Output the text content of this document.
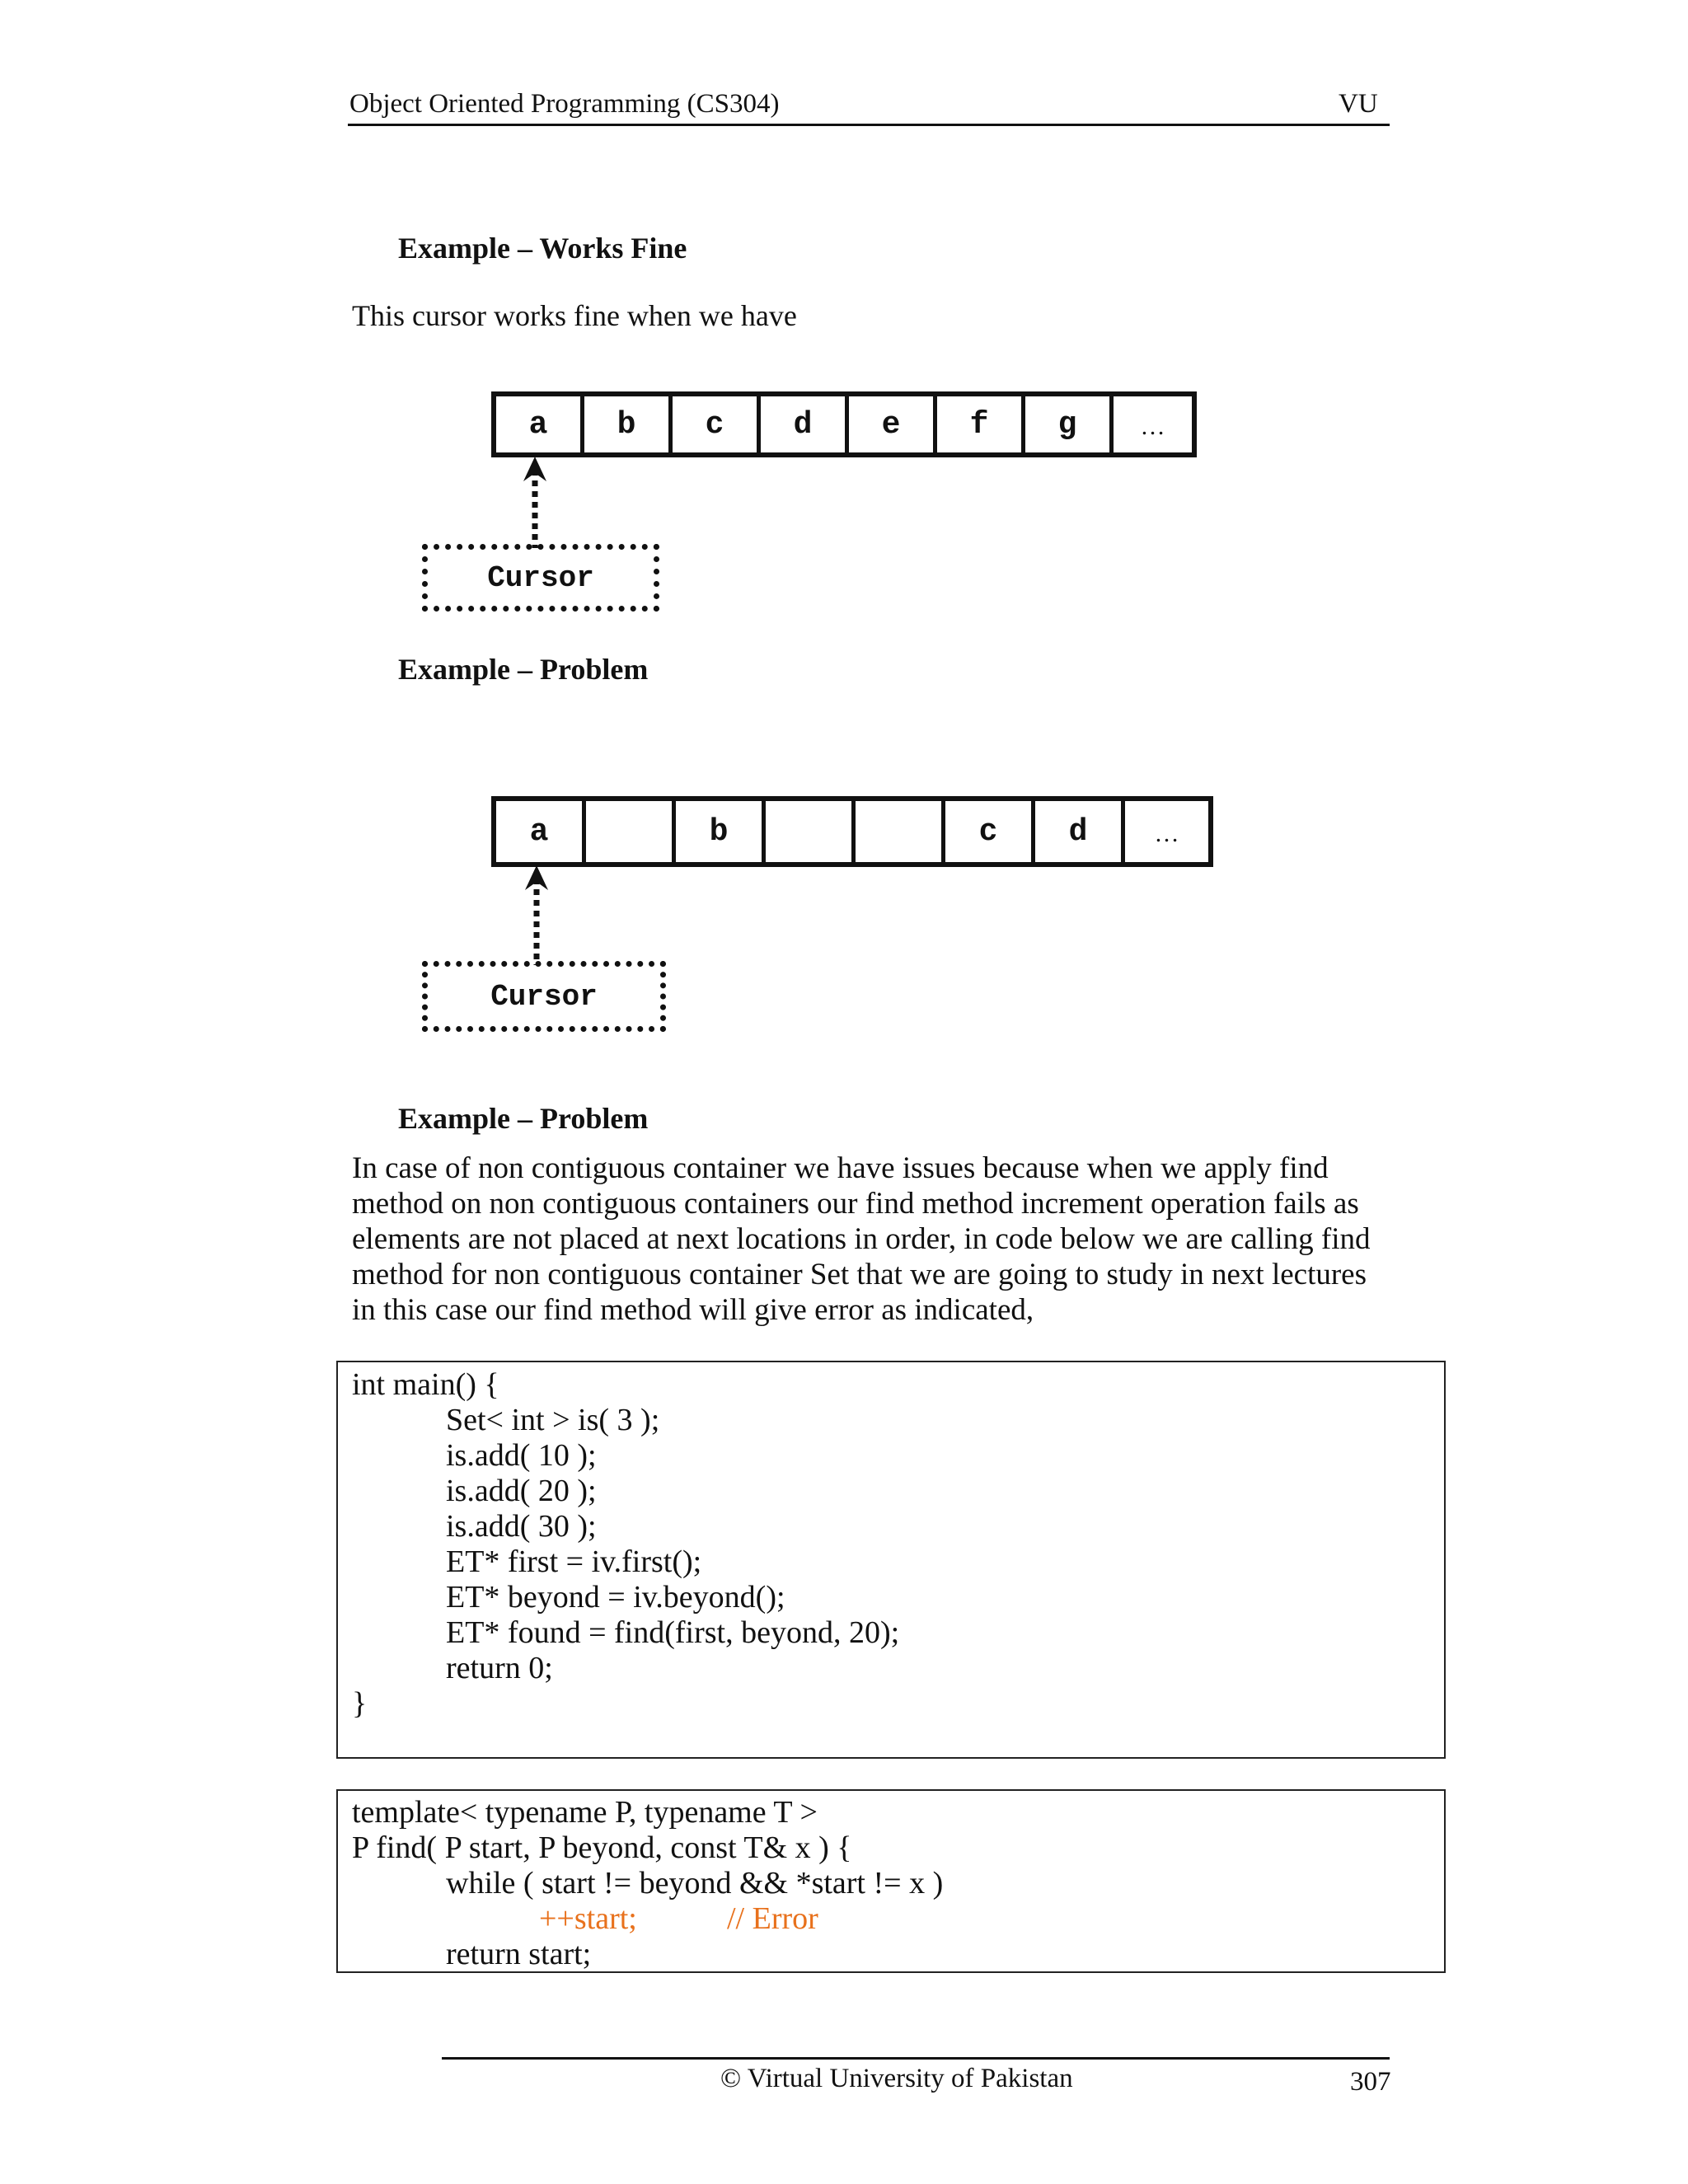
Object Oriented Programming (CS304)	VU
Example – Works Fine
This cursor works fine when we have
a	b	c	d	e	f	g	…
Cursor
Example – Problem
a	b	c	d	…
Cursor
Example – Problem
In case of non contiguous container we have issues because when we apply find
method on non contiguous containers our find method increment operation fails as
elements are not placed at next locations in order, in code below we are calling find
method for non contiguous container Set that we are going to study in next lectures
in this case our find method will give error as indicated,
int main() {
Set< int > is( 3 );
is.add( 10 );
is.add( 20 );
is.add( 30 );
ET* first = iv.first();
ET* beyond = iv.beyond();
ET* found = find(first, beyond, 20);
return 0;
}
template< typename P, typename T >
P find( P start, P beyond, const T& x ) {
while ( start != beyond && *start != x )
++start;	// Error
return start;
© Virtual University of Pakistan	307
